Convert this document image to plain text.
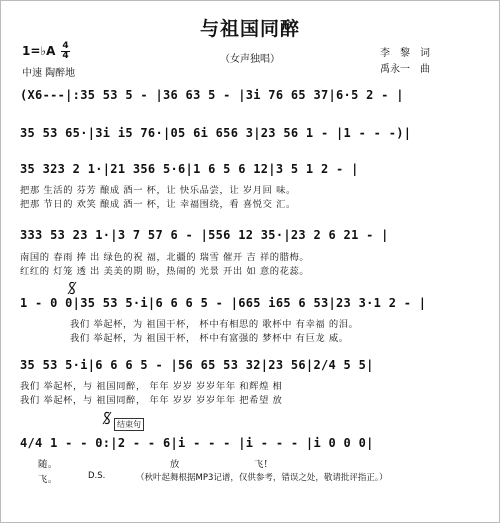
与祖国同醉
（女声独唱）
1=♭A 4
4
中速 陶醉地
李　黎　词
禹永一　曲
(X6---|:35 53 5 - |36 63 5 - |3i 76 65 37|6·5 2 - |
35 53 65·|3i i5 76·|05 6i 656 3|23 56 1 - |1 - - -)|
35 323 2 1·|21 356 5·6|1 6 5 6 12|3 5 1 2 - |
把那 生活的 芬芳 酿成 酒一 杯，让 快乐品尝，让 岁月回 味。
把那 节日的 欢笑 酿成 酒一 杯，让 幸福围绕，看 喜悦交 汇。
333 53 23 1·|3 7 57 6 - |556 12 35·|23 2 6 21 - |
南国的 春雨 捧 出 绿色的祝 福，北疆的 瑞雪 催开 吉 祥的腊梅。
红红的 灯笼 透 出 美美的期 盼，热闹的 光景 开出 如 意的花蕊。
1 - 0 0|35 53 5·i|6 6 6 5 - |665 i65 6 53|23 3·1 2 - |
我们 举起杯，为 祖国干杯， 杯中有相思的 歌杯中 有幸福 的泪。
我们 举起杯，为 祖国干杯， 杯中有富强的 梦杯中 有巨龙 威。
35 53 5·i|6 6 6 5 - |56 65 53 32|23 56|2/4 5 5|
我们 举起杯，与 祖国同醉， 年年 岁岁 岁岁年年 和辉煌 相
我们 举起杯，与 祖国同醉， 年年 岁岁 岁岁年年 把希望 放
结束句
4/4 1 - - 0:|2 - - 6|i - - - |i - - - |i 0 0 0|
随。
飞。
放	飞!
D.S.	（秋叶起舞根据MP3记谱，仅供参考，错误之处，敬请批评指正。）
